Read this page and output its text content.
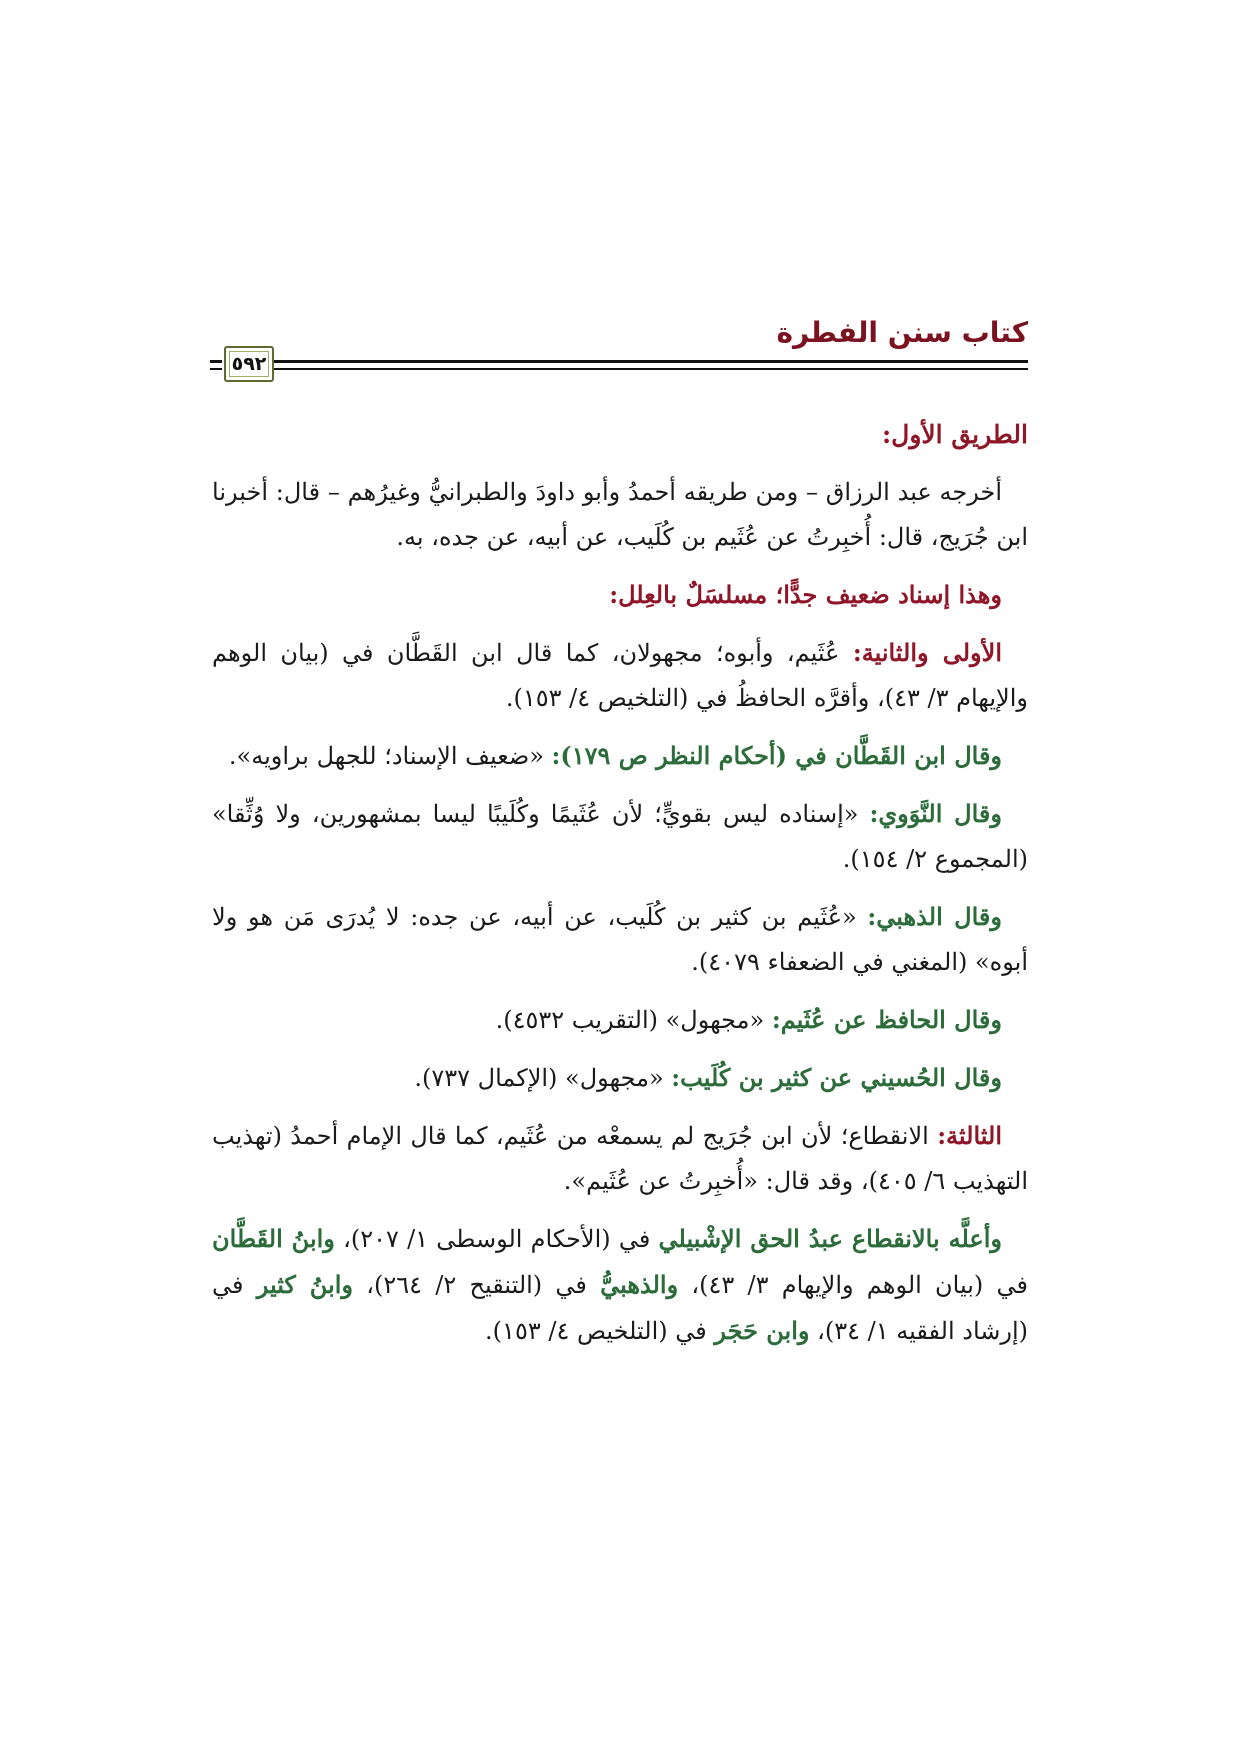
كتاب سنن الفطرة
٥٩٢

الطريق الأول:

أخرجه عبد الرزاق – ومن طريقه أحمدُ وأبو داودَ والطبرانيُّ وغيرُهم – قال: أخبرنا ابن جُرَيج، قال: أُخبِرتُ عن عُثَيم بن كُلَيب، عن أبيه، عن جده، به.

وهذا إسناد ضعيف جدًّا؛ مسلسَلٌ بالعِلل:

الأولى والثانية: عُثَيم، وأبوه؛ مجهولان، كما قال ابن القَطَّان في (بيان الوهم والإيهام ٣/ ٤٣)، وأقرَّه الحافظُ في (التلخيص ٤/ ١٥٣).

وقال ابن القَطَّان في (أحكام النظر ص ١٧٩): «ضعيف الإسناد؛ للجهل براويه».

وقال النَّوَوي: «إسناده ليس بقويٍّ؛ لأن عُثَيمًا وكُلَيبًا ليسا بمشهورين، ولا وُثِّقا» (المجموع ٢/ ١٥٤).

وقال الذهبي: «عُثَيم بن كثير بن كُلَيب، عن أبيه، عن جده: لا يُدرَى مَن هو ولا أبوه» (المغني في الضعفاء ٤٠٧٩).

وقال الحافظ عن عُثَيم: «مجهول» (التقريب ٤٥٣٢).

وقال الحُسيني عن كثير بن كُلَيب: «مجهول» (الإكمال ٧٣٧).

الثالثة: الانقطاع؛ لأن ابن جُرَيج لم يسمعْه من عُثَيم، كما قال الإمام أحمدُ (تهذيب التهذيب ٦/ ٤٠٥)، وقد قال: «أُخبِرتُ عن عُثَيم».

وأعلَّه بالانقطاع عبدُ الحق الإشْبيلي في (الأحكام الوسطى ١/ ٢٠٧)، وابنُ القَطَّان في (بيان الوهم والإيهام ٣/ ٤٣)، والذهبيُّ في (التنقيح ٢/ ٢٦٤)، وابنُ كثير في (إرشاد الفقيه ١/ ٣٤)، وابن حَجَر في (التلخيص ٤/ ١٥٣).
